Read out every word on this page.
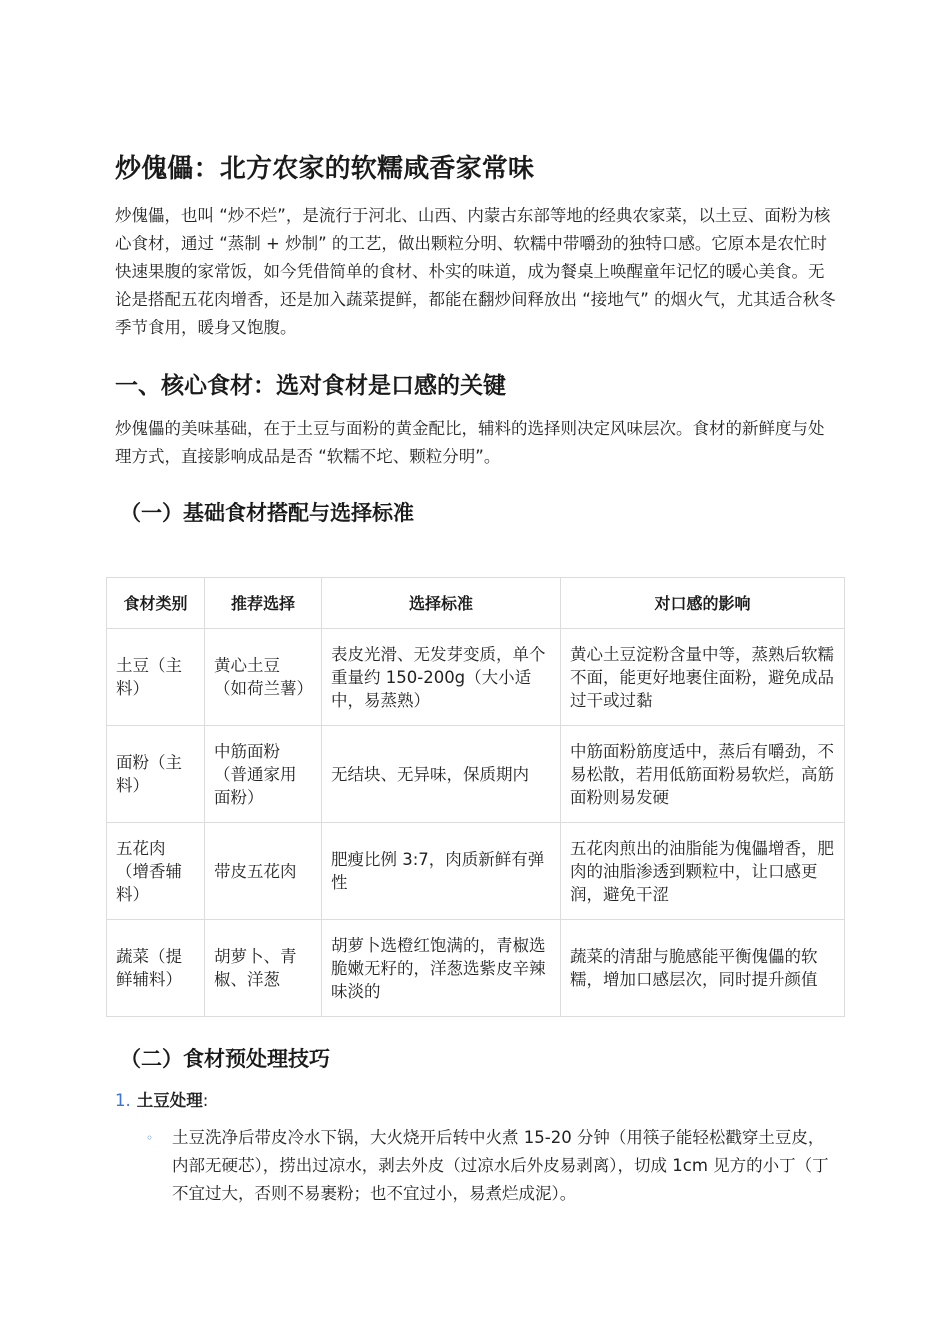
炒傀儡：北方农家的软糯咸香家常味

炒傀儡，也叫 “炒不烂”，是流行于河北、山西、内蒙古东部等地的经典农家菜，以土豆、面粉为核心食材，通过 “蒸制 + 炒制” 的工艺，做出颗粒分明、软糯中带嚼劲的独特口感。它原本是农忙时快速果腹的家常饭，如今凭借简单的食材、朴实的味道，成为餐桌上唤醒童年记忆的暖心美食。无论是搭配五花肉增香，还是加入蔬菜提鲜，都能在翻炒间释放出 “接地气” 的烟火气，尤其适合秋冬季节食用，暖身又饱腹。

一、核心食材：选对食材是口感的关键

炒傀儡的美味基础，在于土豆与面粉的黄金配比，辅料的选择则决定风味层次。食材的新鲜度与处理方式，直接影响成品是否 “软糯不坨、颗粒分明”。

（一）基础食材搭配与选择标准
食材类别	推荐选择	选择标准	对口感的影响
土豆（主料）	黄心土豆（如荷兰薯）	表皮光滑、无发芽变质，单个重量约 150-200g（大小适中，易蒸熟）	黄心土豆淀粉含量中等，蒸熟后软糯不面，能更好地裹住面粉，避免成品过干或过黏
面粉（主料）	中筋面粉（普通家用面粉）	无结块、无异味，保质期内	中筋面粉筋度适中，蒸后有嚼劲，不易松散，若用低筋面粉易软烂，高筋面粉则易发硬
五花肉（增香辅料）	带皮五花肉	肥瘦比例 3:7，肉质新鲜有弹性	五花肉煎出的油脂能为傀儡增香，肥肉的油脂渗透到颗粒中，让口感更润，避免干涩
蔬菜（提鲜辅料）	胡萝卜、青椒、洋葱	胡萝卜选橙红饱满的，青椒选脆嫩无籽的，洋葱选紫皮辛辣味淡的	蔬菜的清甜与脆感能平衡傀儡的软糯，增加口感层次，同时提升颜值
（二）食材预处理技巧
1. 土豆处理:
◦	土豆洗净后带皮冷水下锅，大火烧开后转中火煮 15-20 分钟（用筷子能轻松戳穿土豆皮，内部无硬芯），捞出过凉水，剥去外皮（过凉水后外皮易剥离），切成 1cm 见方的小丁（丁不宜过大，否则不易裹粉；也不宜过小，易煮烂成泥）。
